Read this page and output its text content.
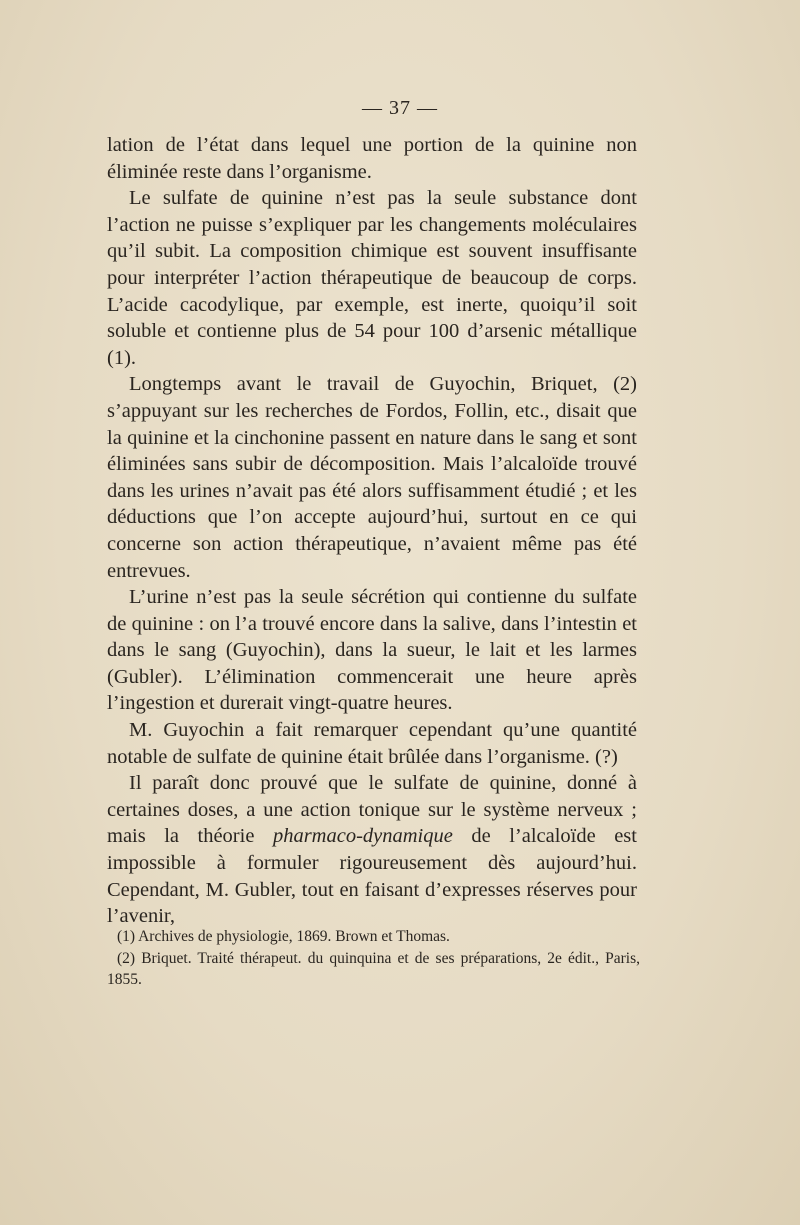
— 37 —

lation de l’état dans lequel une portion de la quinine non éliminée reste dans l’organisme.

Le sulfate de quinine n’est pas la seule substance dont l’action ne puisse s’expliquer par les changements moléculaires qu’il subit. La composition chimique est souvent insuffisante pour interpréter l’action thérapeutique de beaucoup de corps. L’acide cacodylique, par exemple, est inerte, quoiqu’il soit soluble et contienne plus de 54 pour 100 d’arsenic métallique (1).

Longtemps avant le travail de Guyochin, Briquet, (2) s’appuyant sur les recherches de Fordos, Follin, etc., disait que la quinine et la cinchonine passent en nature dans le sang et sont éliminées sans subir de décomposition. Mais l’alcaloïde trouvé dans les urines n’avait pas été alors suffisamment étudié ; et les déductions que l’on accepte aujourd’hui, surtout en ce qui concerne son action thérapeutique, n’avaient même pas été entrevues.

L’urine n’est pas la seule sécrétion qui contienne du sulfate de quinine : on l’a trouvé encore dans la salive, dans l’intestin et dans le sang (Guyochin), dans la sueur, le lait et les larmes (Gubler). L’élimination commencerait une heure après l’ingestion et durerait vingt-quatre heures.

M. Guyochin a fait remarquer cependant qu’une quantité notable de sulfate de quinine était brûlée dans l’organisme. (?)

Il paraît donc prouvé que le sulfate de quinine, donné à certaines doses, a une action tonique sur le système nerveux ; mais la théorie pharmaco-dynamique de l’alcaloïde est impossible à formuler rigoureusement dès aujourd’hui. Cependant, M. Gubler, tout en faisant d’expresses réserves pour l’avenir,

(1) Archives de physiologie, 1869. Brown et Thomas.

(2) Briquet. Traité thérapeut. du quinquina et de ses préparations, 2e édit., Paris, 1855.
